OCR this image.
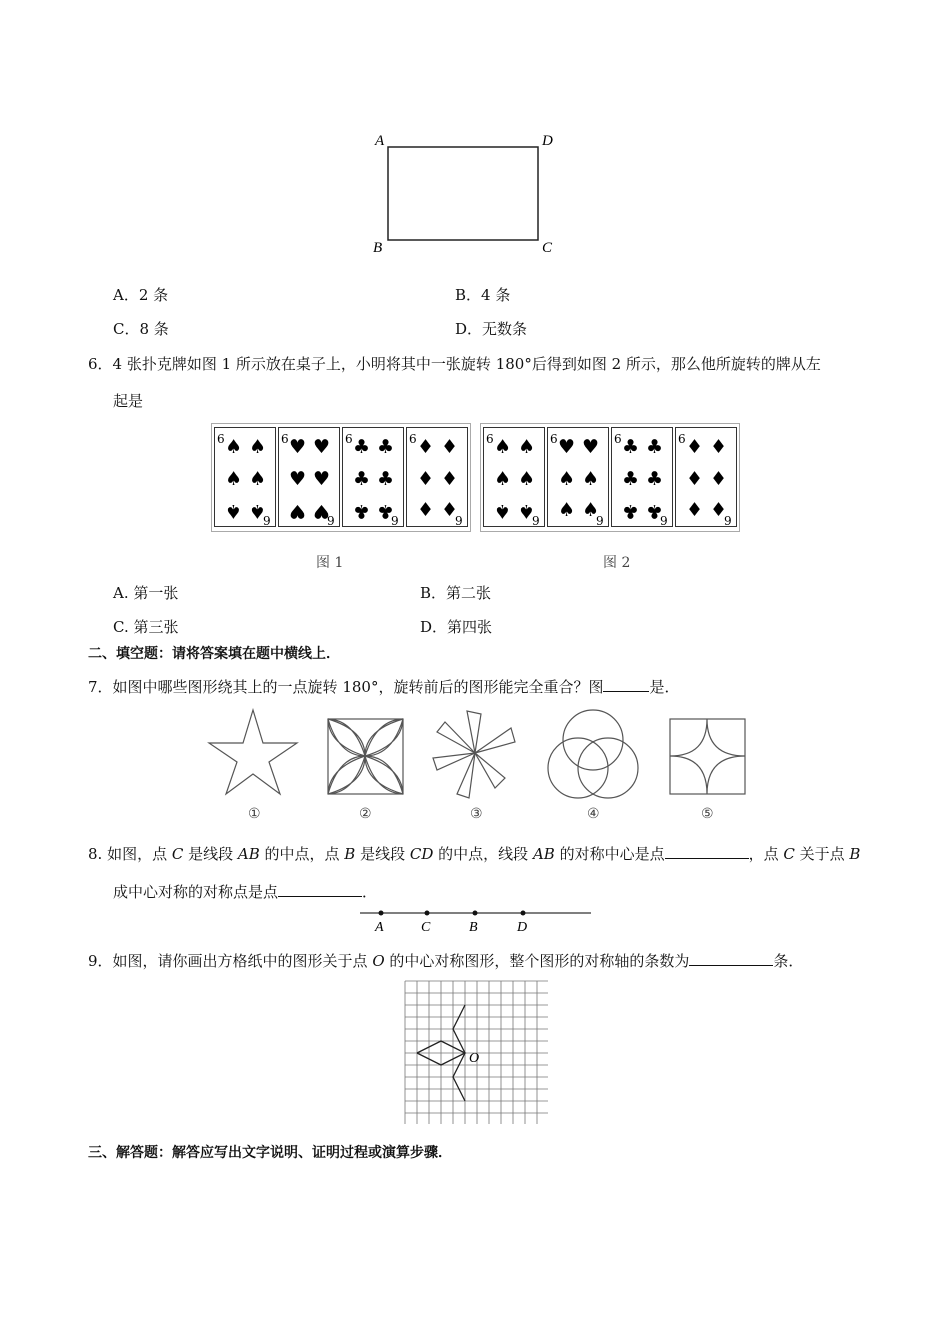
A	D
B	C
A．2 条	B．4 条
C．8 条	D．无数条
6．4 张扑克牌如图 1 所示放在桌子上，小明将其中一张旋转 180°后得到如图 2 所示，那么他所旋转的牌从左
起是
6 ♠ ♠
♠ ♠
♠ ♠
9
6 ♥ ♥
♥ ♥
♥ ♥
9
6 ♣ ♣
♣ ♣
♣ ♣
9
6 ♦ ♦
♦ ♦
♦ ♦
9
6 ♠ ♠
♠ ♠
♠ ♠
9
6 ♥ ♥
♠ ♠
♠ ♠
9
6 ♣ ♣
♣ ♣
♣ ♣
9
6 ♦ ♦
♦ ♦
♦ ♦
9
图 1	图 2
A. 第一张	B．第二张
C. 第三张	D．第四张
二、填空题：请将答案填在题中横线上．
7．如图中哪些图形绕其上的一点旋转 180°，旋转前后的图形能完全重合？图	是．
①	②	③	④	⑤
8. 如图，点 C 是线段 AB 的中点，点 B 是线段 CD 的中点，线段 AB 的对称中心是点	，点 C 关于点 B
成中心对称的对称点是点	．
A	C	B	D
9．如图，请你画出方格纸中的图形关于点 O 的中心对称图形，整个图形的对称轴的条数为	条．
O
三、解答题：解答应写出文字说明、证明过程或演算步骤．
